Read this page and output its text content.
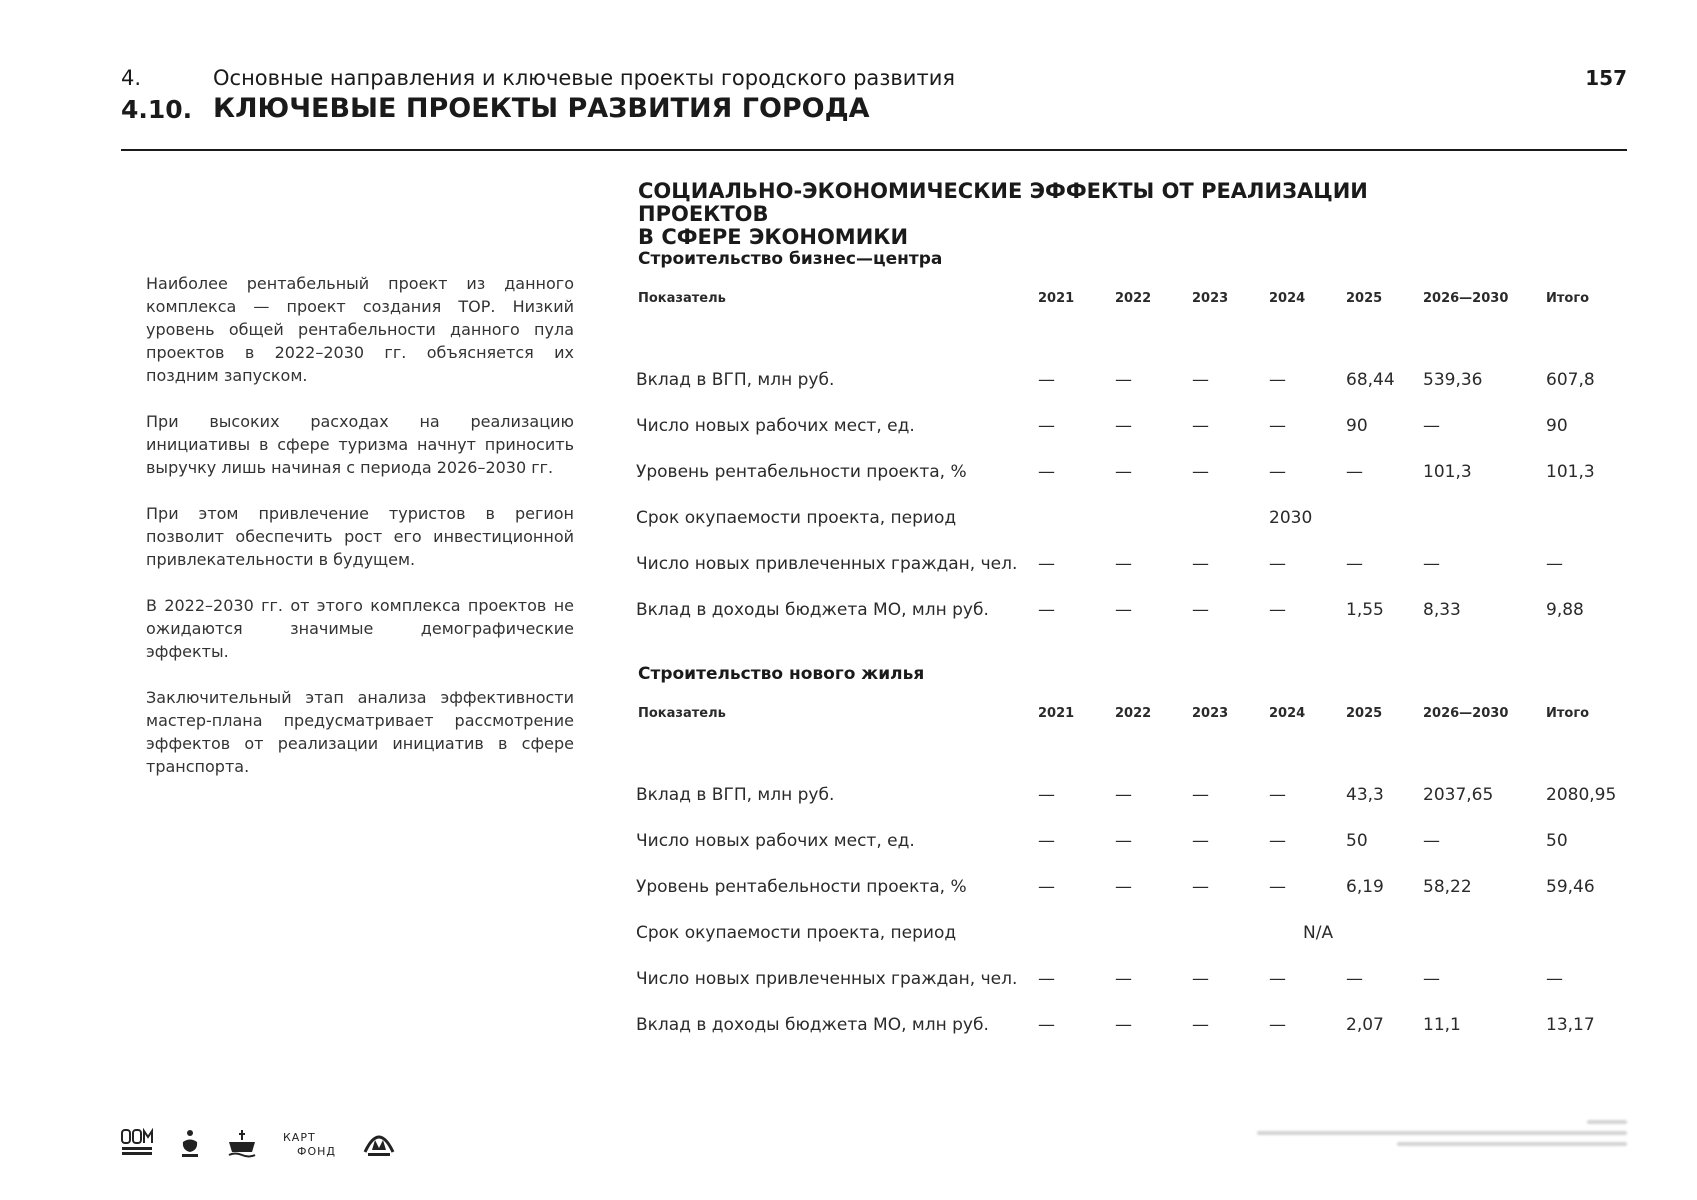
4.	Основные направления и ключевые проекты городского развития
4.10. КЛЮЧЕВЫЕ ПРОЕКТЫ РАЗВИТИЯ ГОРОДА
157

Наиболее рентабельный проект из данного комплекса — проект создания ТОР. Низкий уровень общей рентабельности данного пула проектов в 2022–2030 гг. объясняется их поздним запуском.

При высоких расходах на реализацию инициативы в сфере туризма начнут приносить выручку лишь начиная с периода 2026–2030 гг.

При этом привлечение туристов в регион позволит обеспечить рост его инвестиционной привлекательности в будущем.

В 2022–2030 гг. от этого комплекса проектов не ожидаются значимые демографические эффекты.

Заключительный этап анализа эффективности мастер-плана предусматривает рассмотрение эффектов от реализации инициатив в сфере транспорта.

СОЦИАЛЬНО-ЭКОНОМИЧЕСКИЕ ЭФФЕКТЫ ОТ РЕАЛИЗАЦИИ ПРОЕКТОВ
В СФЕРЕ ЭКОНОМИКИ
Строительство бизнес—центра
Показатель	2021	2022	2023	2024	2025	2026—2030	Итого

Вклад в ВГП, млн руб.	—	—	—	—	68,44	539,36	607,8
Число новых рабочих мест, ед.	—	—	—	—	90	—	90
Уровень рентабельности проекта, %	—	—	—	—	—	101,3	101,3
Срок окупаемости проекта, период				2030			
Число новых привлеченных граждан, чел.	—	—	—	—	—	—	—
Вклад в доходы бюджета МО, млн руб.	—	—	—	—	1,55	8,33	9,88
Строительство нового жилья
Показатель	2021	2022	2023	2024	2025	2026—2030	Итого

Вклад в ВГП, млн руб.	—	—	—	—	43,3	2037,65	2080,95
Число новых рабочих мест, ед.	—	—	—	—	50	—	50
Уровень рентабельности проекта, %	—	—	—	—	6,19	58,22	59,46
Срок окупаемости проекта, период				N/A			
Число новых привлеченных граждан, чел.	—	—	—	—	—	—	—
Вклад в доходы бюджета МО, млн руб.	—	—	—	—	2,07	11,1	13,17
КАРТ
ФОНД
